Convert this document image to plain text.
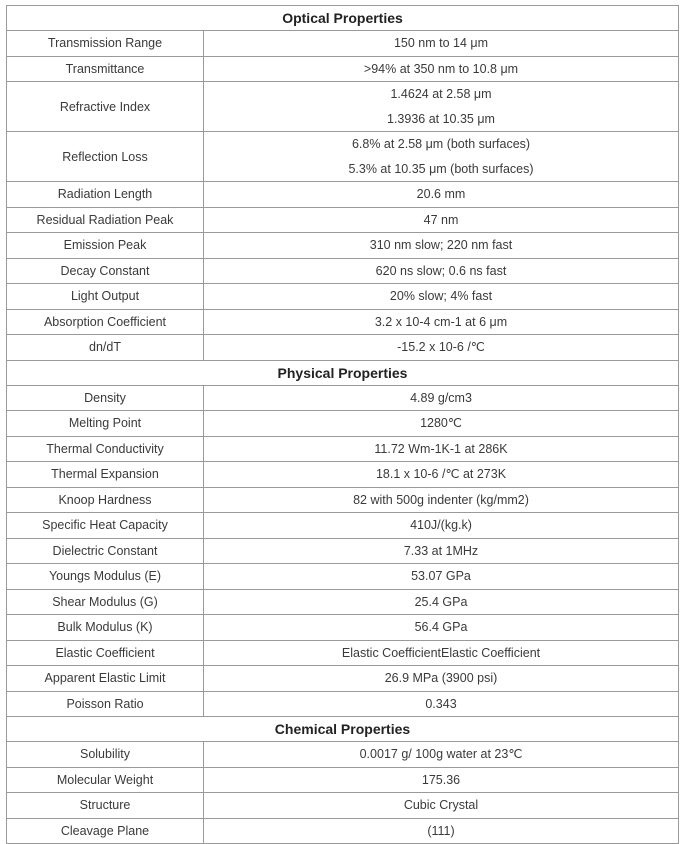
Optical Properties	
Transmission Range	150 nm to 14 μm

Transmittance	>94% at 350 nm to 10.8 μm

Refractive Index	1.4624 at 2.58 μm
1.3936 at 10.35 μm

Reflection Loss	6.8% at 2.58 μm (both surfaces)
5.3% at 10.35 μm (both surfaces)

Radiation Length	20.6 mm

Residual Radiation Peak	47 nm

Emission Peak	310 nm slow; 220 nm fast

Decay Constant	620 ns slow; 0.6 ns fast

Light Output	20% slow; 4% fast

Absorption Coefficient	3.2 x 10-4 cm-1 at 6 μm

dn/dT	-15.2 x 10-6 /℃

Physical Properties	
Density	4.89 g/cm3

Melting Point	1280℃

Thermal Conductivity	11.72 Wm-1K-1 at 286K

Thermal Expansion	18.1 x 10-6 /℃ at 273K

Knoop Hardness	82 with 500g indenter (kg/mm2)

Specific Heat Capacity	410J/(kg.k)

Dielectric Constant	7.33 at 1MHz

Youngs Modulus (E)	53.07 GPa

Shear Modulus (G)	25.4 GPa

Bulk Modulus (K)	56.4 GPa

Elastic Coefficient	Elastic CoefficientElastic Coefficient

Apparent Elastic Limit	26.9 MPa (3900 psi)

Poisson Ratio	0.343

Chemical Properties	
Solubility	0.0017 g/ 100g water at 23℃

Molecular Weight	175.36

Structure	Cubic Crystal

Cleavage Plane	(111)
